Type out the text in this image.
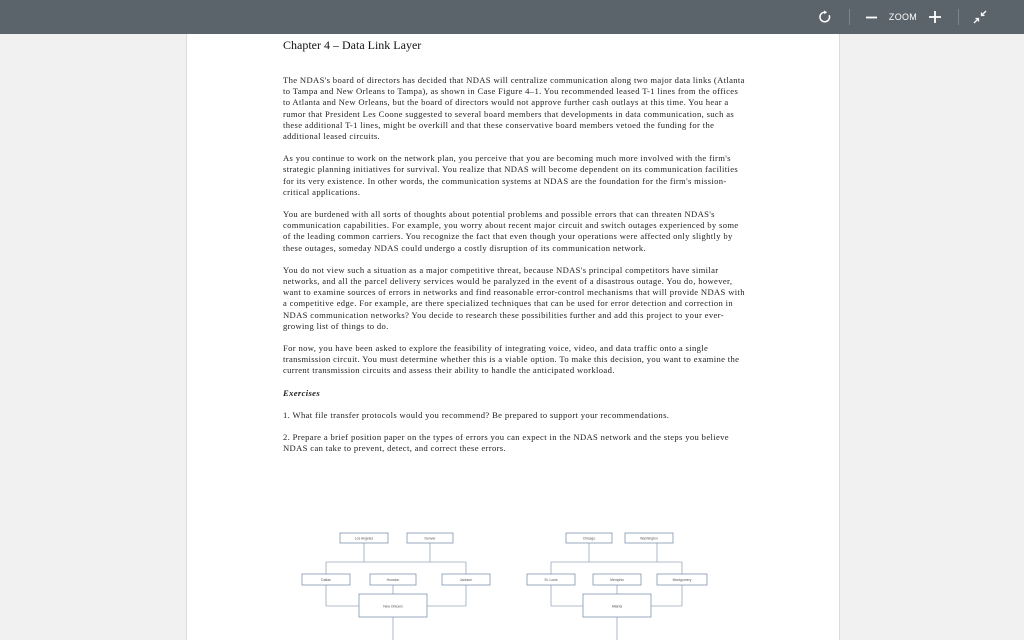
ZOOM
Chapter 4 – Data Link Layer

The NDAS's board of directors has decided that NDAS will centralize communication along two major data links (Atlanta to Tampa and New Orleans to Tampa), as shown in Case Figure 4–1. You recommended leased T-1 lines from the offices to Atlanta and New Orleans, but the board of directors would not approve further cash outlays at this time. You hear a rumor that President Les Coone suggested to several board members that developments in data communication, such as these additional T-1 lines, might be overkill and that these conservative board members vetoed the funding for the additional leased circuits.

As you continue to work on the network plan, you perceive that you are becoming much more involved with the firm's strategic planning initiatives for survival. You realize that NDAS will become dependent on its communication facilities for its very existence. In other words, the communication systems at NDAS are the foundation for the firm's mission-critical applications.

You are burdened with all sorts of thoughts about potential problems and possible errors that can threaten NDAS's communication capabilities. For example, you worry about recent major circuit and switch outages experienced by some of the leading common carriers. You recognize the fact that even though your operations were affected only slightly by these outages, someday NDAS could undergo a costly disruption of its communication network.

You do not view such a situation as a major competitive threat, because NDAS's principal competitors have similar networks, and all the parcel delivery services would be paralyzed in the event of a disastrous outage. You do, however, want to examine sources of errors in networks and find reasonable error-control mechanisms that will provide NDAS with a competitive edge. For example, are there specialized techniques that can be used for error detection and correction in NDAS communication networks? You decide to research these possibilities further and add this project to your ever-growing list of things to do.

For now, you have been asked to explore the feasibility of integrating voice, video, and data traffic onto a single transmission circuit. You must determine whether this is a viable option. To make this decision, you want to examine the current transmission circuits and assess their ability to handle the anticipated workload.

Exercises

1. What file transfer protocols would you recommend? Be prepared to support your recommendations.

2. Prepare a brief position paper on the types of errors you can expect in the NDAS network and the steps you believe NDAS can take to prevent, detect, and correct these errors.

Los Angeles	Denver
Dallas	Houston	Jackson
New Orleans
Chicago	Washington
St. Louis	Memphis	Montgomery
Atlanta
